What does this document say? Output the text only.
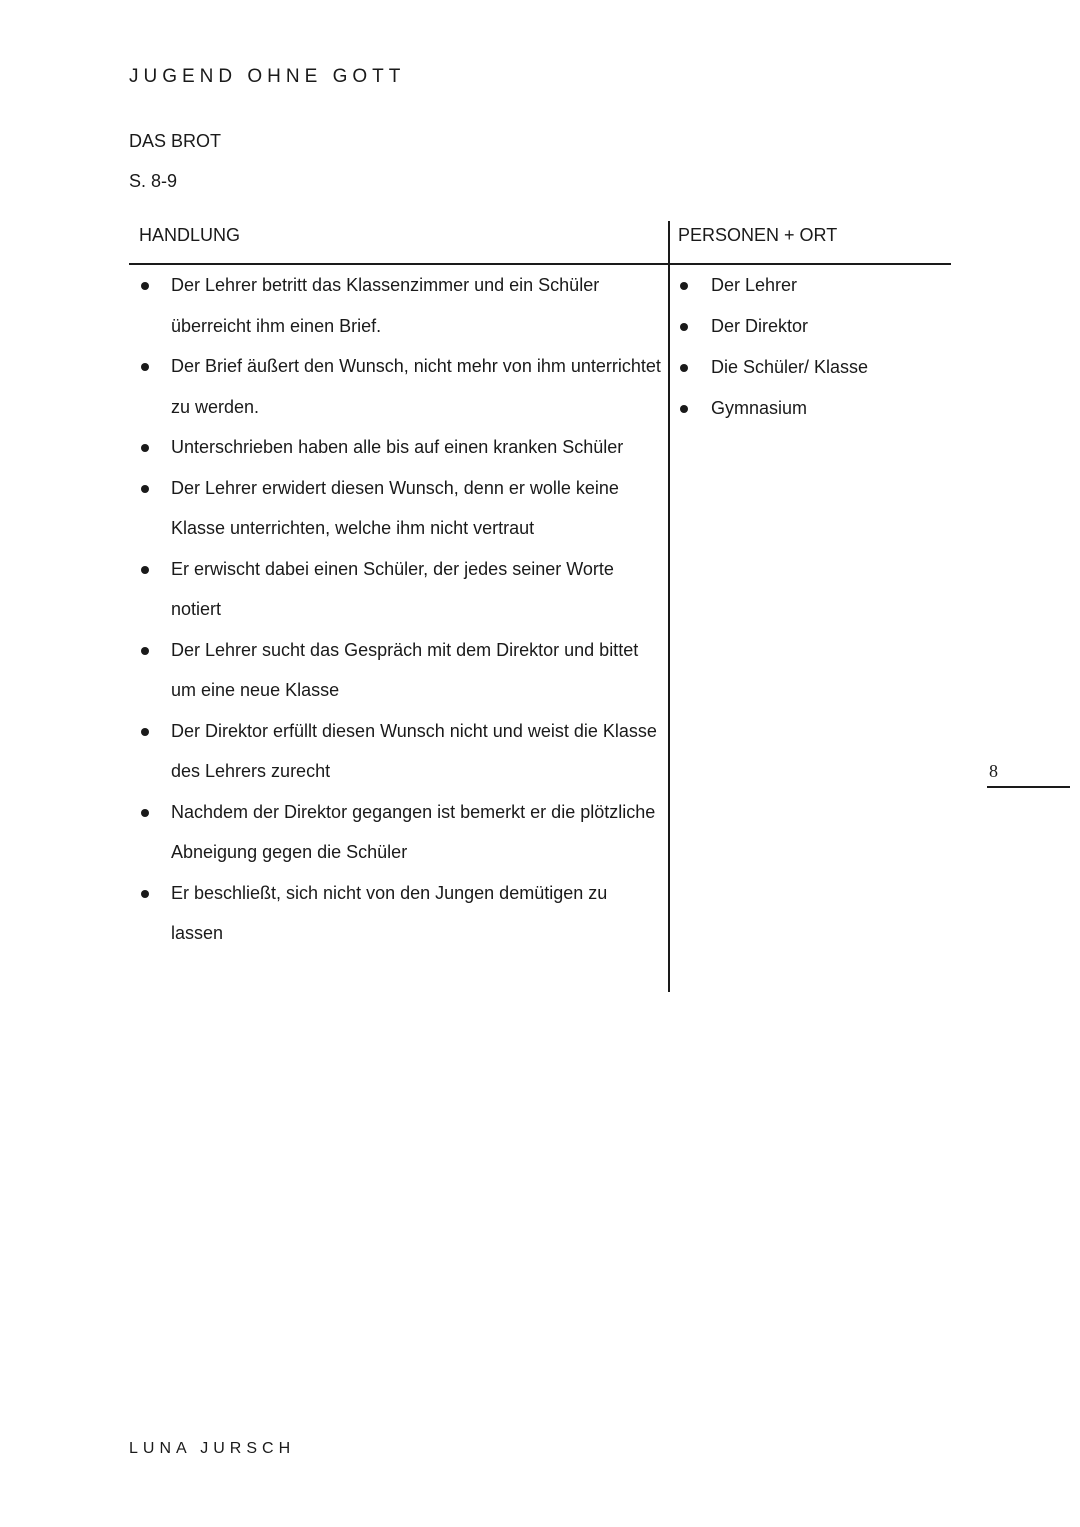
JUGEND OHNE GOTT

DAS BROT

S. 8-9

HANDLUNG	PERSONEN + ORT

Der Lehrer betritt das Klassenzimmer und ein Schüler überreicht ihm einen Brief.
Der Brief äußert den Wunsch, nicht mehr von ihm unterrichtet zu werden.
Unterschrieben haben alle bis auf einen kranken Schüler
Der Lehrer erwidert diesen Wunsch, denn er wolle keine Klasse unterrichten, welche ihm nicht vertraut
Er erwischt dabei einen Schüler, der jedes seiner Worte notiert
Der Lehrer sucht das Gespräch mit dem Direktor und bittet um eine neue Klasse
Der Direktor erfüllt diesen Wunsch nicht und weist die Klasse des Lehrers zurecht
Nachdem der Direktor gegangen ist bemerkt er die plötzliche Abneigung gegen die Schüler
Er beschließt, sich nicht von den Jungen demütigen zu lassen
Der Lehrer
Der Direktor
Die Schüler/ Klasse
Gymnasium

8

LUNA JURSCH
